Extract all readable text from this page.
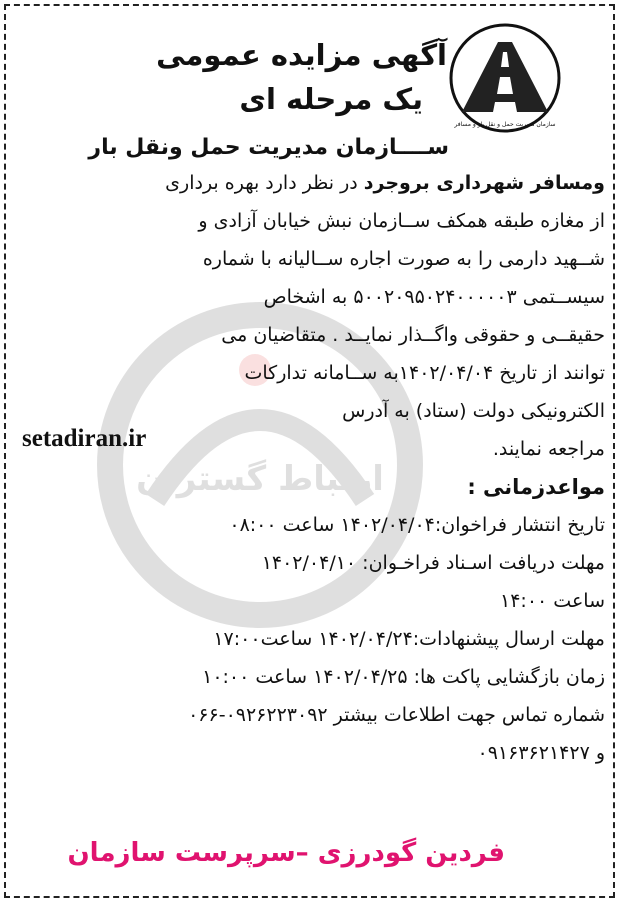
ارتباط گستران
سازمان مدیریت حمل و نقل بار و مسافر
آگهی مزایده عمومی
یک مرحله ای
ســــازمان مدیریت حمل ونقل بار
ومسافر شهرداری بروجرد در نظر دارد بهره برداری
از مغازه طبقه همکف ســازمان نبش خیابان آزادی و
شــهید دارمی را به صورت اجاره ســالیانه با شماره
سیســتمی ۵۰۰۲۰۹۵۰۲۴۰۰۰۰۰۳ به اشخاص
حقیقــی و حقوقی واگــذار نمایــد . متقاضیان می
توانند از تاریخ ۱۴۰۲/۰۴/۰۴به ســامانه تدارکات
الکترونیکی دولت (ستاد) به آدرس
setadiran.ir	مراجعه نمایند.
مواعدزمانی :
تاریخ انتشار فراخوان:۱۴۰۲/۰۴/۰۴ ساعت ۰۸:۰۰
مهلت دریافت اسـناد فراخـوان: ۱۴۰۲/۰۴/۱۰
ساعت ۱۴:۰۰
مهلت ارسال پیشنهادات:۱۴۰۲/۰۴/۲۴ ساعت۱۷:۰۰
زمان بازگشایی پاکت ها: ۱۴۰۲/۰۴/۲۵ ساعت ۱۰:۰۰
شماره تماس جهت اطلاعات بیشتر ۰۹۲۶۲۲۳۰۹۲-۰۶۶
و ۰۹۱۶۳۶۲۱۴۲۷
فردین گودرزی –سرپرست سازمان
